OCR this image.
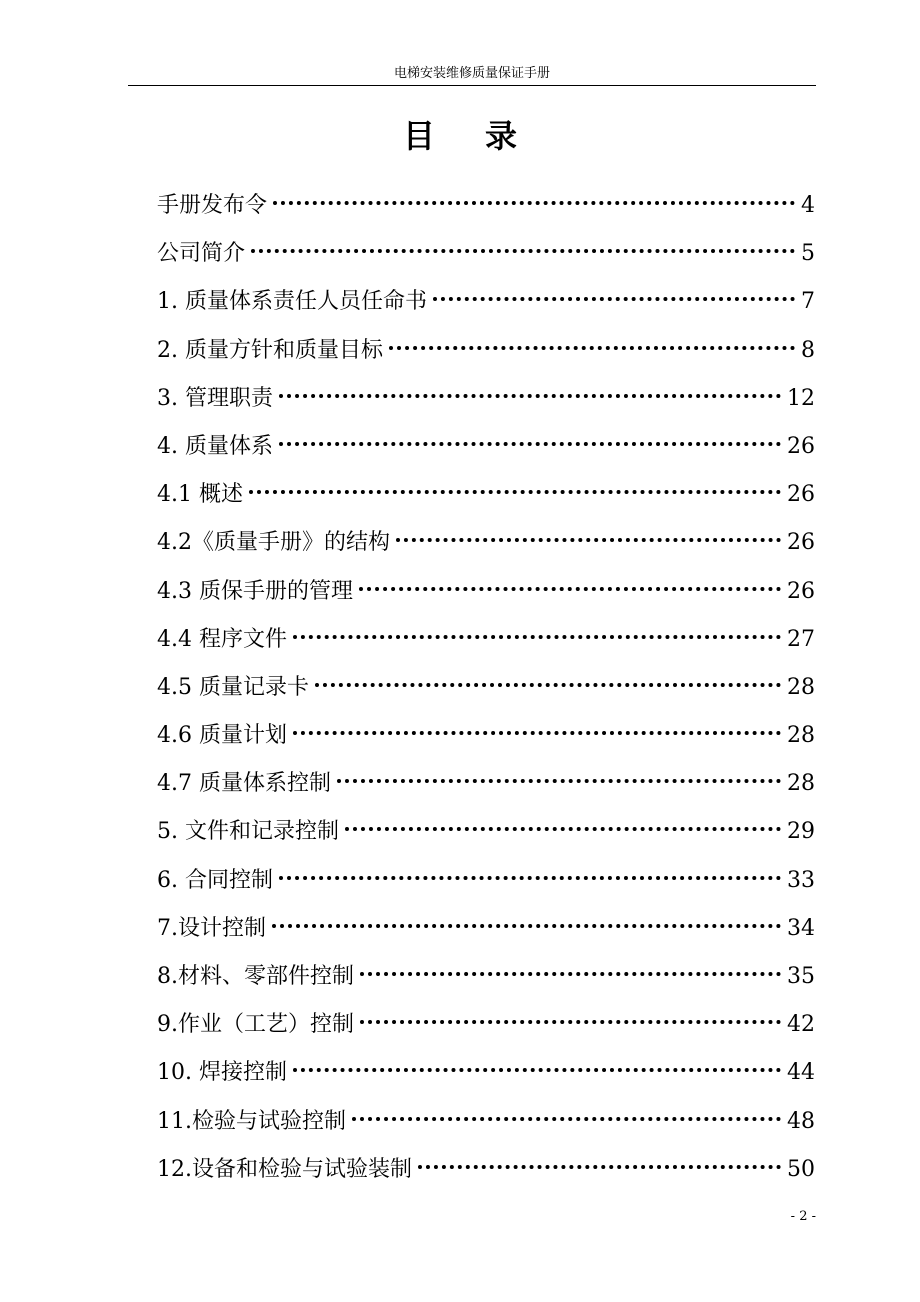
电梯安装维修质量保证手册
目录
手册发布令	4
公司简介	5
1. 质量体系责任人员任命书	7
2. 质量方针和质量目标	8
3. 管理职责	12
4. 质量体系	26
4.1 概述	26
4.2《质量手册》的结构	26
4.3 质保手册的管理	26
4.4 程序文件	27
4.5 质量记录卡	28
4.6 质量计划	28
4.7 质量体系控制	28
5. 文件和记录控制	29
6. 合同控制	33
7.设计控制	34
8.材料、零部件控制	35
9.作业（工艺）控制	42
10. 焊接控制	44
11.检验与试验控制	48
12.设备和检验与试验装制	50
- 2 -
